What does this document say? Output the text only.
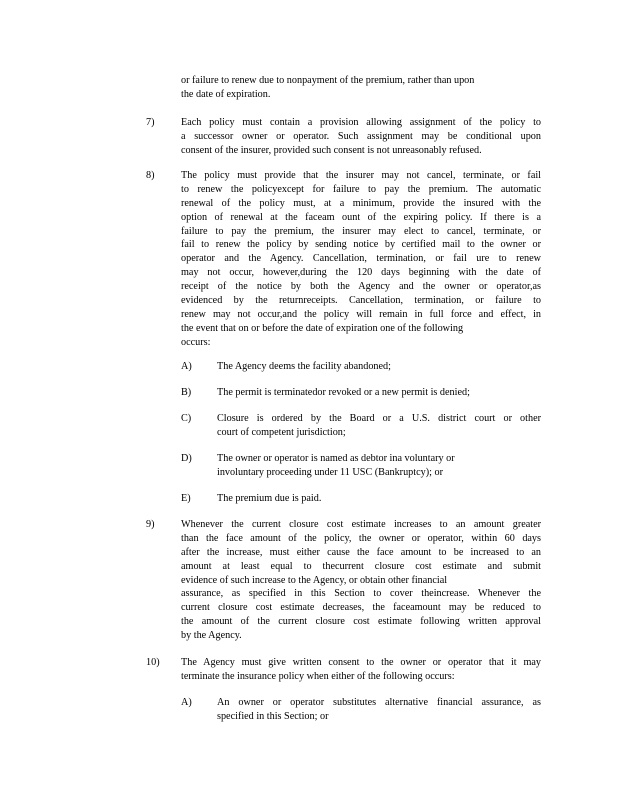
or failure to renew due to nonpayment of the premium, rather than upon
the date of expiration.
7)	Each policy must contain a provision allowing assignment of the policy to
a successor owner or operator. Such assignment may be conditional upon
consent of the insurer, provided such consent is not unreasonably refused.
8)	The policy must provide that the insurer may not cancel, terminate, or fail
to renew the policyexcept for failure to pay the premium. The automatic
renewal of the policy must, at a minimum, provide the insured with the
option of renewal at the faceam ount of the expiring policy. If there is a
failure to pay the premium, the insurer may elect to cancel, terminate, or
fail to renew the policy by sending notice by certified mail to the owner or
operator and the Agency. Cancellation, termination, or fail ure to renew
may not occur, however,during the 120 days beginning with the date of
receipt of the notice by both the Agency and the owner or operator,as
evidenced by the returnreceipts. Cancellation, termination, or failure to
renew may not occur,and the policy will remain in full force and effect, in
the event that on or before the date of expiration one of the following
occurs:
A)	The Agency deems the facility abandoned;
B)	The permit is terminatedor revoked or a new permit is denied;
C)	Closure is ordered by the Board or a U.S. district court or other
court of competent jurisdiction;
D)	The owner or operator is named as debtor ina voluntary or
involuntary proceeding under 11 USC (Bankruptcy); or
E)	The premium due is paid.
9)	Whenever the current closure cost estimate increases to an amount greater
than the face amount of the policy, the owner or operator, within 60 days
after the increase, must either cause the face amount to be increased to an
amount at least equal to thecurrent closure cost estimate and submit
evidence of such increase to the Agency, or obtain other financial
assurance, as specified in this Section to cover theincrease. Whenever the
current closure cost estimate decreases, the faceamount may be reduced to
the amount of the current closure cost estimate following written approval
by the Agency.
10)	The Agency must give written consent to the owner or operator that it may
terminate the insurance policy when either of the following occurs:
A)	An owner or operator substitutes alternative financial assurance, as
specified in this Section; or
